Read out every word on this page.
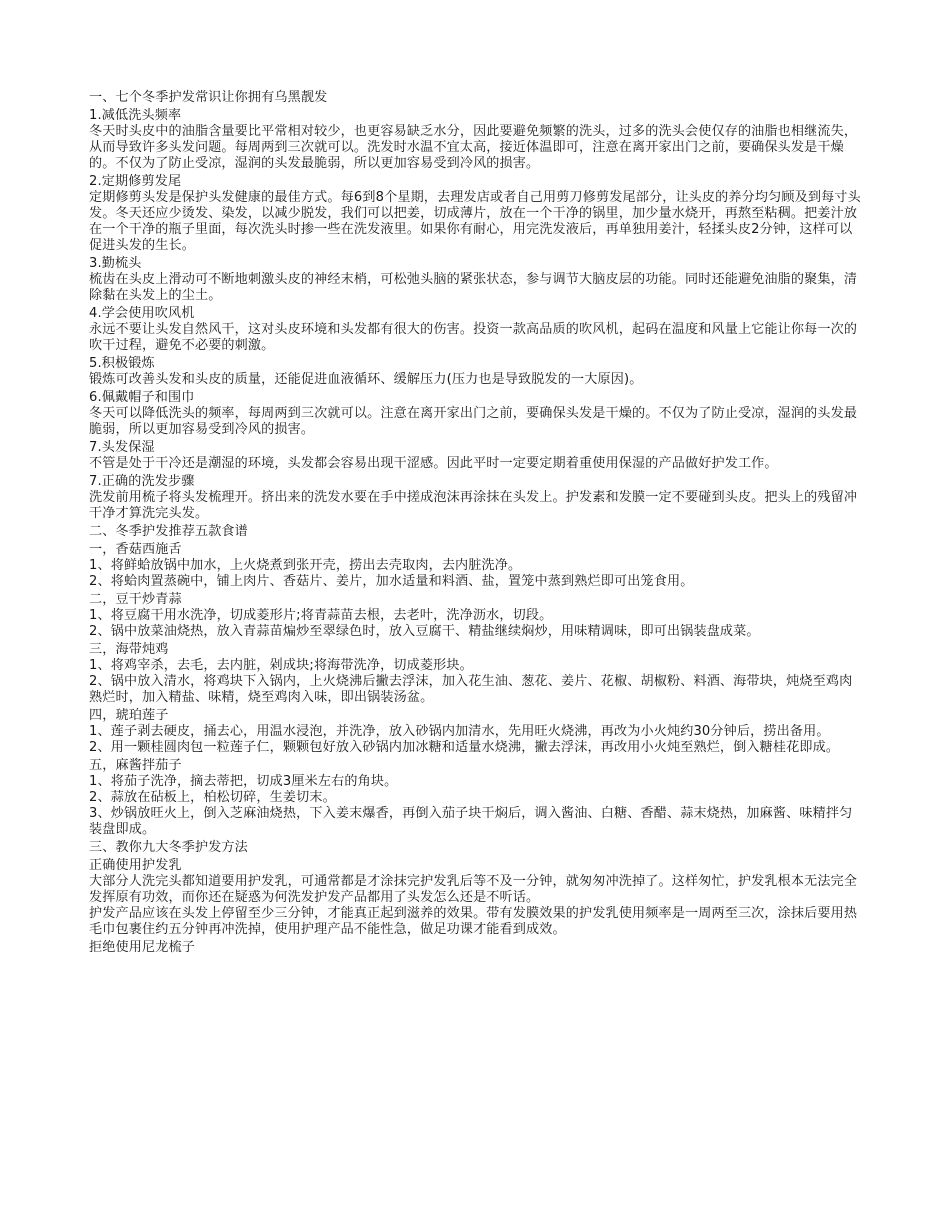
一、七个冬季护发常识让你拥有乌黑靓发
1.减低洗头频率
冬天时头皮中的油脂含量要比平常相对较少，也更容易缺乏水分，因此要避免频繁的洗头，过多的洗头会使仅存的油脂也相继流失，从而导致许多头发问题。每周两到三次就可以。洗发时水温不宜太高，接近体温即可，注意在离开家出门之前，要确保头发是干燥的。不仅为了防止受凉，湿润的头发最脆弱，所以更加容易受到冷风的损害。
2.定期修剪发尾
定期修剪头发是保护头发健康的最佳方式。每6到8个星期，去理发店或者自己用剪刀修剪发尾部分，让头皮的养分均匀顾及到每寸头发。冬天还应少烫发、染发，以减少脱发，我们可以把姜，切成薄片，放在一个干净的锅里，加少量水烧开，再熬至粘稠。把姜汁放在一个干净的瓶子里面，每次洗头时掺一些在洗发液里。如果你有耐心，用完洗发液后，再单独用姜汁，轻揉头皮2分钟，这样可以促进头发的生长。
3.勤梳头
梳齿在头皮上滑动可不断地刺激头皮的神经末梢，可松弛头脑的紧张状态，参与调节大脑皮层的功能。同时还能避免油脂的聚集，清除黏在头发上的尘土。
4.学会使用吹风机
永远不要让头发自然风干，这对头皮环境和头发都有很大的伤害。投资一款高品质的吹风机，起码在温度和风量上它能让你每一次的吹干过程，避免不必要的刺激。
5.积极锻炼
锻炼可改善头发和头皮的质量，还能促进血液循环、缓解压力(压力也是导致脱发的一大原因)。
6.佩戴帽子和围巾
冬天可以降低洗头的频率，每周两到三次就可以。注意在离开家出门之前，要确保头发是干燥的。不仅为了防止受凉，湿润的头发最脆弱，所以更加容易受到冷风的损害。
7.头发保湿
不管是处于干冷还是潮湿的环境，头发都会容易出现干涩感。因此平时一定要定期着重使用保湿的产品做好护发工作。
7.正确的洗发步骤
洗发前用梳子将头发梳理开。挤出来的洗发水要在手中搓成泡沫再涂抹在头发上。护发素和发膜一定不要碰到头皮。把头上的残留冲干净才算洗完头发。
二、冬季护发推荐五款食谱
一，香菇西施舌
1、将鲜蛤放锅中加水，上火烧煮到张开壳，捞出去壳取肉，去内脏洗净。
2、将蛤肉置蒸碗中，铺上肉片、香菇片、姜片，加水适量和料酒、盐，置笼中蒸到熟烂即可出笼食用。
二，豆干炒青蒜
1、将豆腐干用水洗净，切成菱形片;将青蒜苗去根，去老叶，洗净沥水，切段。
2、锅中放菜油烧热，放入青蒜苗煸炒至翠绿色时，放入豆腐干、精盐继续焖炒，用味精调味，即可出锅装盘成菜。
三，海带炖鸡
1、将鸡宰杀，去毛，去内脏，剁成块;将海带洗净，切成菱形块。
2、锅中放入清水，将鸡块下入锅内，上火烧沸后撇去浮沫，加入花生油、葱花、姜片、花椒、胡椒粉、料酒、海带块，炖烧至鸡肉熟烂时，加入精盐、味精，烧至鸡肉入味，即出锅装汤盆。
四，琥珀莲子
1、莲子剥去硬皮，捅去心，用温水浸泡，并洗净，放入砂锅内加清水，先用旺火烧沸，再改为小火炖约30分钟后，捞出备用。
2、用一颗桂圆肉包一粒莲子仁，颗颗包好放入砂锅内加冰糖和适量水烧沸，撇去浮沫，再改用小火炖至熟烂，倒入糖桂花即成。
五，麻酱拌茄子
1、将茄子洗净，摘去蒂把，切成3厘米左右的角块。
2、蒜放在砧板上，柏松切碎，生姜切末。
3、炒锅放旺火上，倒入芝麻油烧热，下入姜末爆香，再倒入茄子块干焖后，调入酱油、白糖、香醋、蒜末烧热，加麻酱、味精拌匀装盘即成。
三、教你九大冬季护发方法
正确使用护发乳
大部分人洗完头都知道要用护发乳，可通常都是才涂抹完护发乳后等不及一分钟，就匆匆冲洗掉了。这样匆忙，护发乳根本无法完全发挥原有功效，而你还在疑惑为何洗发护发产品都用了头发怎么还是不听话。
护发产品应该在头发上停留至少三分钟，才能真正起到滋养的效果。带有发膜效果的护发乳使用频率是一周两至三次，涂抹后要用热毛巾包裹住约五分钟再冲洗掉，使用护理产品不能性急，做足功课才能看到成效。
拒绝使用尼龙梳子
